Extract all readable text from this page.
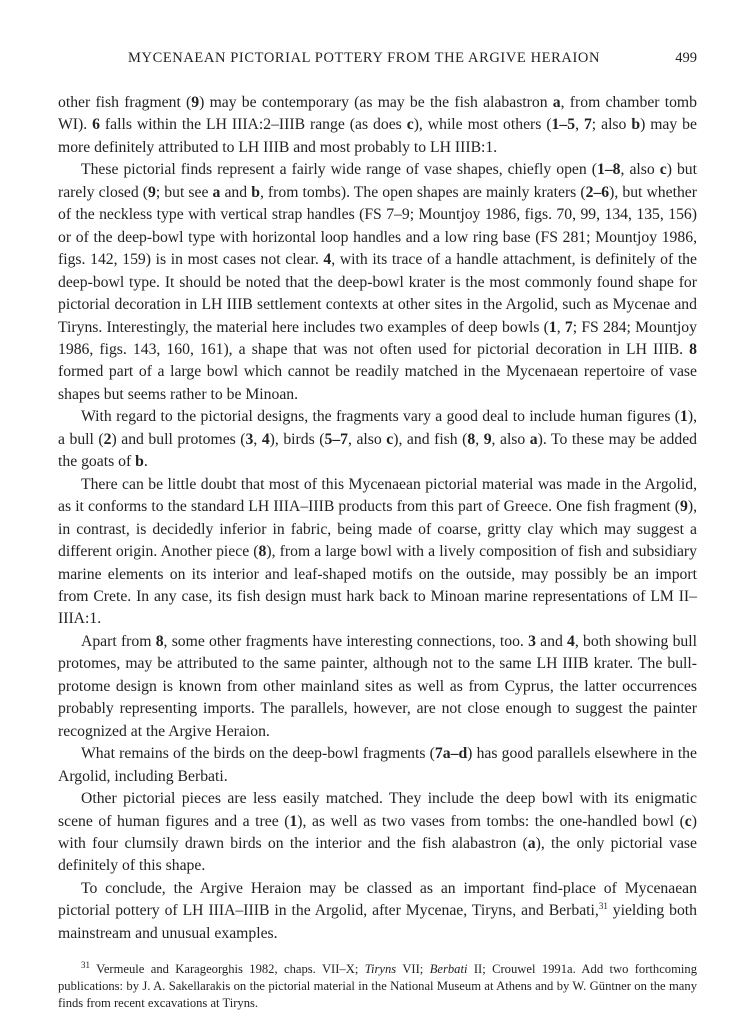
MYCENAEAN PICTORIAL POTTERY FROM THE ARGIVE HERAION	499

other fish fragment (9) may be contemporary (as may be the fish alabastron a, from chamber tomb WI). 6 falls within the LH IIIA:2–IIIB range (as does c), while most others (1–5, 7; also b) may be more definitely attributed to LH IIIB and most probably to LH IIIB:1.

These pictorial finds represent a fairly wide range of vase shapes, chiefly open (1–8, also c) but rarely closed (9; but see a and b, from tombs). The open shapes are mainly kraters (2–6), but whether of the neckless type with vertical strap handles (FS 7–9; Mountjoy 1986, figs. 70, 99, 134, 135, 156) or of the deep-bowl type with horizontal loop handles and a low ring base (FS 281; Mountjoy 1986, figs. 142, 159) is in most cases not clear. 4, with its trace of a handle attachment, is definitely of the deep-bowl type. It should be noted that the deep-bowl krater is the most commonly found shape for pictorial decoration in LH IIIB settlement contexts at other sites in the Argolid, such as Mycenae and Tiryns. Interestingly, the material here includes two examples of deep bowls (1, 7; FS 284; Mountjoy 1986, figs. 143, 160, 161), a shape that was not often used for pictorial decoration in LH IIIB. 8 formed part of a large bowl which cannot be readily matched in the Mycenaean repertoire of vase shapes but seems rather to be Minoan.

With regard to the pictorial designs, the fragments vary a good deal to include human figures (1), a bull (2) and bull protomes (3, 4), birds (5–7, also c), and fish (8, 9, also a). To these may be added the goats of b.

There can be little doubt that most of this Mycenaean pictorial material was made in the Argolid, as it conforms to the standard LH IIIA–IIIB products from this part of Greece. One fish fragment (9), in contrast, is decidedly inferior in fabric, being made of coarse, gritty clay which may suggest a different origin. Another piece (8), from a large bowl with a lively composition of fish and subsidiary marine elements on its interior and leaf-shaped motifs on the outside, may possibly be an import from Crete. In any case, its fish design must hark back to Minoan marine representations of LM II–IIIA:1.

Apart from 8, some other fragments have interesting connections, too. 3 and 4, both showing bull protomes, may be attributed to the same painter, although not to the same LH IIIB krater. The bull-protome design is known from other mainland sites as well as from Cyprus, the latter occurrences probably representing imports. The parallels, however, are not close enough to suggest the painter recognized at the Argive Heraion.

What remains of the birds on the deep-bowl fragments (7a–d) has good parallels elsewhere in the Argolid, including Berbati.

Other pictorial pieces are less easily matched. They include the deep bowl with its enigmatic scene of human figures and a tree (1), as well as two vases from tombs: the one-handled bowl (c) with four clumsily drawn birds on the interior and the fish alabastron (a), the only pictorial vase definitely of this shape.

To conclude, the Argive Heraion may be classed as an important find-place of Mycenaean pictorial pottery of LH IIIA–IIIB in the Argolid, after Mycenae, Tiryns, and Berbati,$^{31}$ yielding both mainstream and unusual examples.

$^{31}$ Vermeule and Karageorghis 1982, chaps. VII–X; Tiryns VII; Berbati II; Crouwel 1991a. Add two forthcoming publications: by J. A. Sakellarakis on the pictorial material in the National Museum at Athens and by W. Güntner on the many finds from recent excavations at Tiryns.
